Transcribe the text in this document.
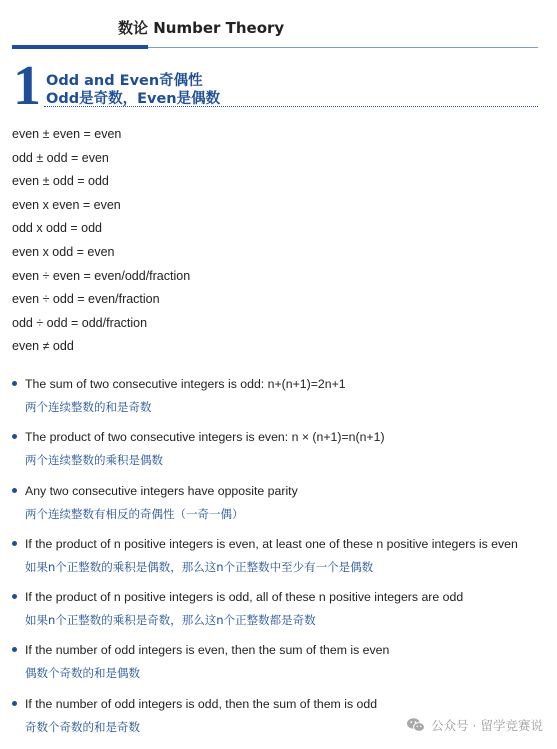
数论 Number Theory
1 Odd and Even奇偶性
Odd是奇数，Even是偶数
even ± even = even
odd ± odd = even
even ± odd = odd
even x even = even
odd x odd = odd
even x odd = even
even ÷ even = even/odd/fraction
even ÷ odd = even/fraction
odd ÷ odd = odd/fraction
even ≠ odd
The sum of two consecutive integers is odd: n+(n+1)=2n+1
两个连续整数的和是奇数
The product of two consecutive integers is even: n × (n+1)=n(n+1)
两个连续整数的乘积是偶数
Any two consecutive integers have opposite parity
两个连续整数有相反的奇偶性（一奇一偶）
If the product of n positive integers is even, at least one of these n positive integers is even
如果n个正整数的乘积是偶数，那么这n个正整数中至少有一个是偶数
If the product of n positive integers is odd, all of these n positive integers are odd
如果n个正整数的乘积是奇数，那么这n个正整数都是奇数
If the number of odd integers is even, then the sum of them is even
偶数个奇数的和是偶数
If the number of odd integers is odd, then the sum of them is odd
奇数个奇数的和是奇数	公众号 · 留学竞赛说
